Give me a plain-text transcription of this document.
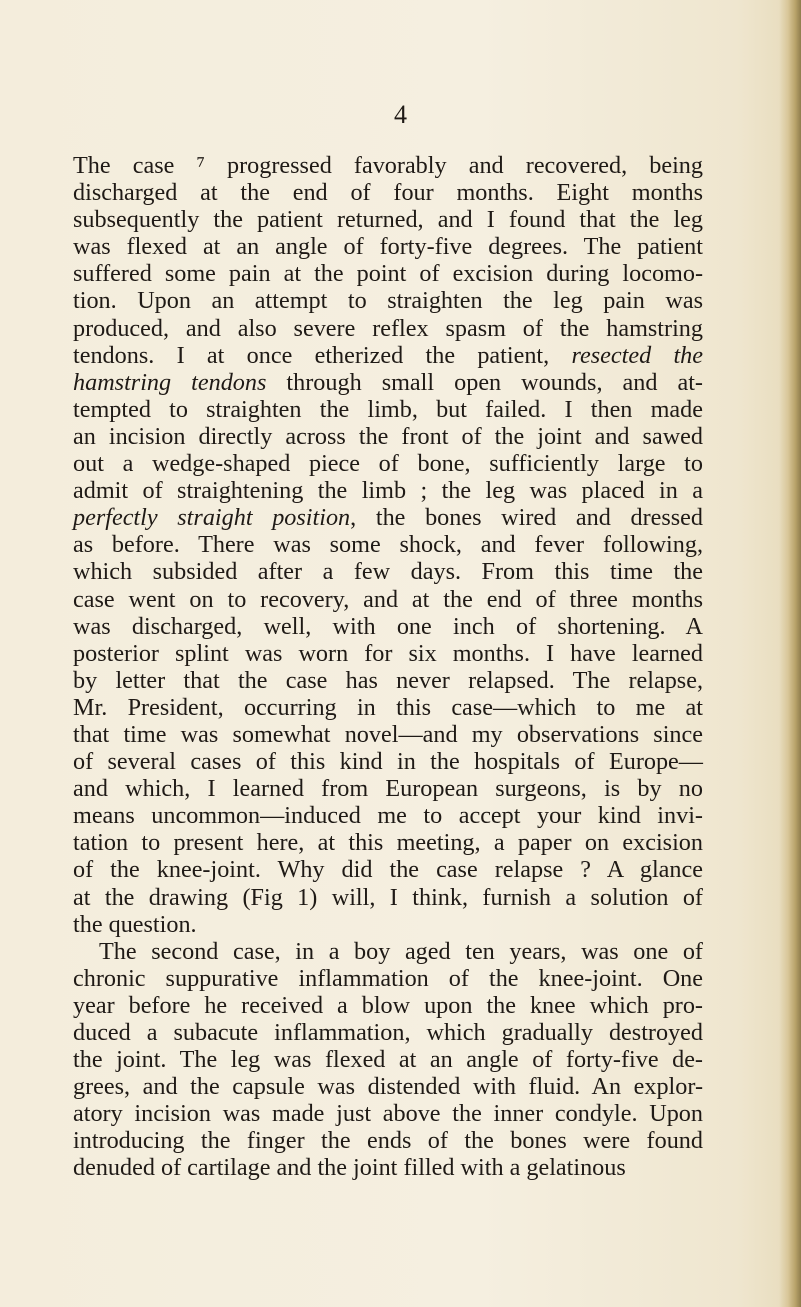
4
The case ⁷ progressed favorably and recovered, being
discharged at the end of four months. Eight months
subsequently the patient returned, and I found that the leg
was flexed at an angle of forty-five degrees. The patient
suffered some pain at the point of excision during locomo-
tion. Upon an attempt to straighten the leg pain was
produced, and also severe reflex spasm of the hamstring
tendons. I at once etherized the patient, resected the
hamstring tendons through small open wounds, and at-
tempted to straighten the limb, but failed. I then made
an incision directly across the front of the joint and sawed
out a wedge-shaped piece of bone, sufficiently large to
admit of straightening the limb ; the leg was placed in a
perfectly straight position, the bones wired and dressed
as before. There was some shock, and fever following,
which subsided after a few days. From this time the
case went on to recovery, and at the end of three months
was discharged, well, with one inch of shortening. A
posterior splint was worn for six months. I have learned
by letter that the case has never relapsed. The relapse,
Mr. President, occurring in this case—which to me at
that time was somewhat novel—and my observations since
of several cases of this kind in the hospitals of Europe—
and which, I learned from European surgeons, is by no
means uncommon—induced me to accept your kind invi-
tation to present here, at this meeting, a paper on excision
of the knee-joint. Why did the case relapse ? A glance
at the drawing (Fig 1) will, I think, furnish a solution of
the question.
The second case, in a boy aged ten years, was one of
chronic suppurative inflammation of the knee-joint. One
year before he received a blow upon the knee which pro-
duced a subacute inflammation, which gradually destroyed
the joint. The leg was flexed at an angle of forty-five de-
grees, and the capsule was distended with fluid. An explor-
atory incision was made just above the inner condyle. Upon
introducing the finger the ends of the bones were found
denuded of cartilage and the joint filled with a gelatinous
